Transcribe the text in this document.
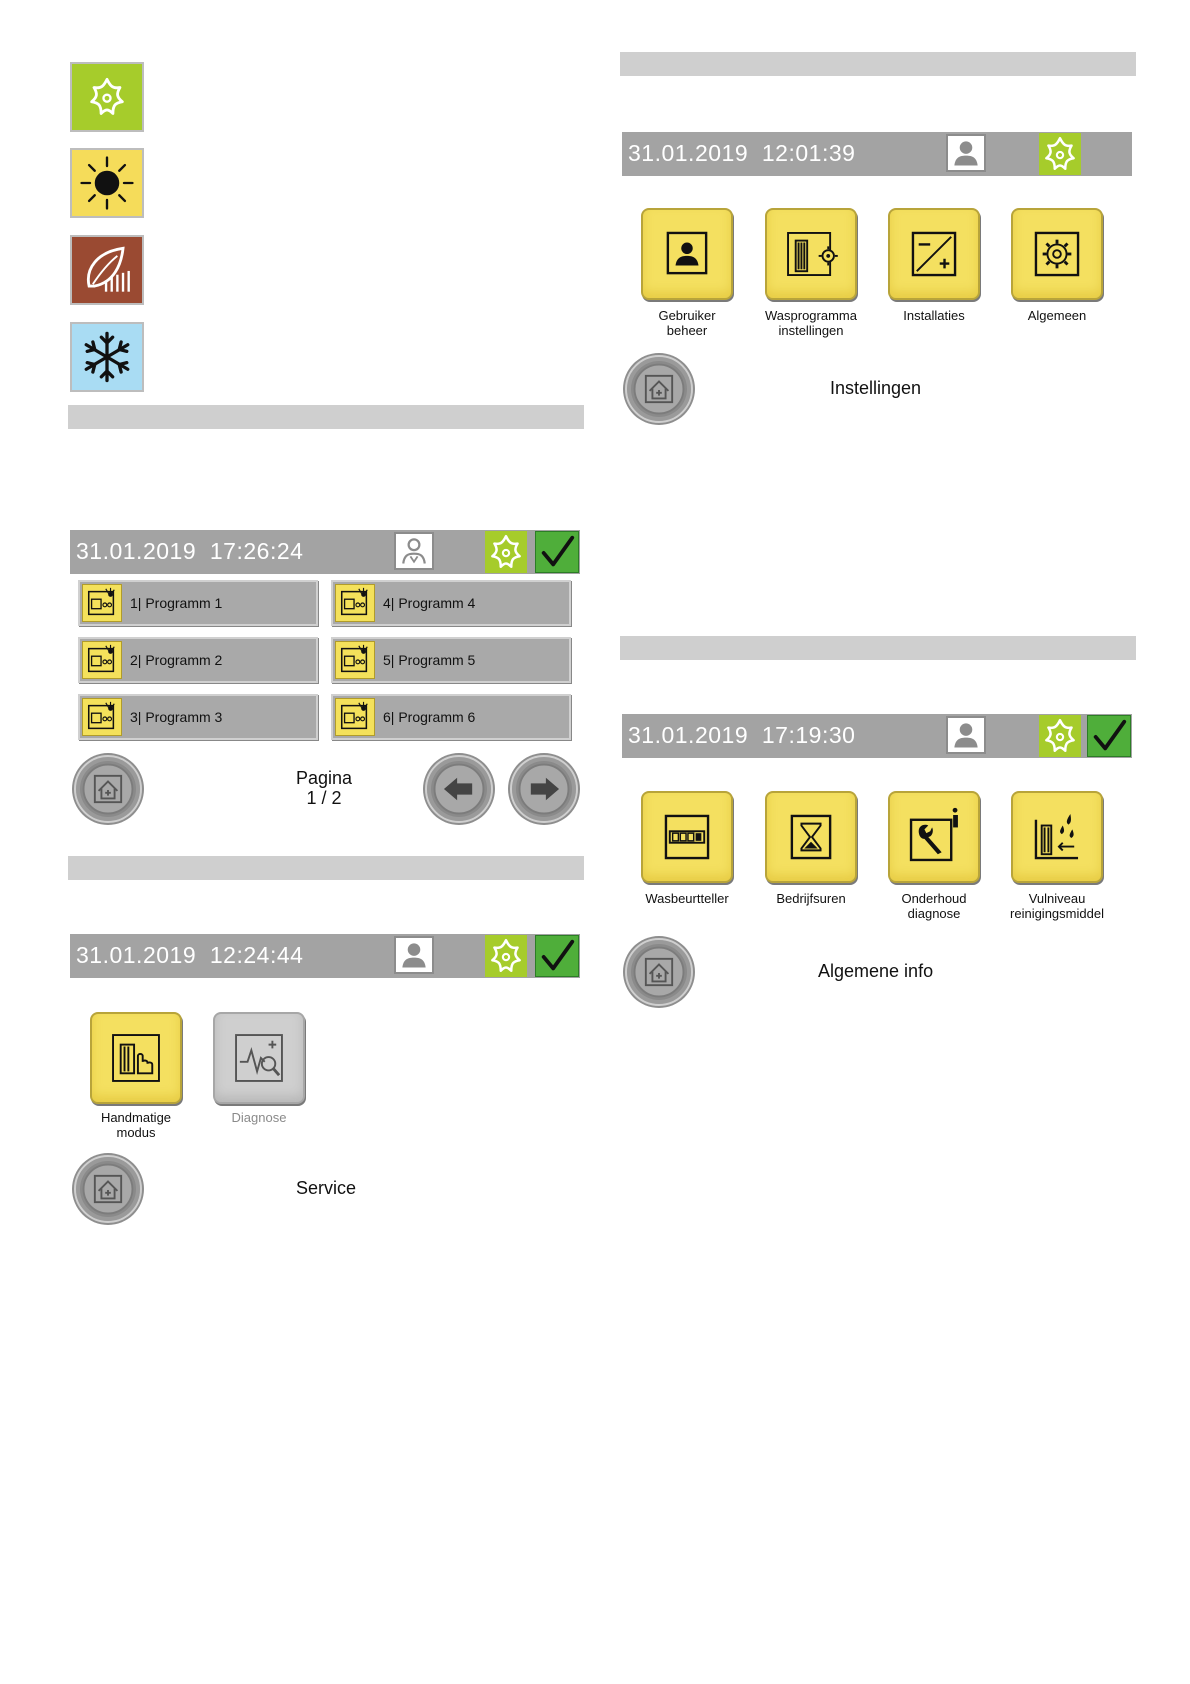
31.01.2019  17:26:24
1| Programm 1
2| Programm 2
3| Programm 3
4| Programm 4
5| Programm 5
6| Programm 6
Pagina
1 / 2
31.01.2019  12:24:44
Handmatige
modus
Diagnose
Service
31.01.2019  12:01:39
Gebruiker
beheer
Wasprogramma
instellingen
Installaties	Algemeen
Instellingen
31.01.2019  17:19:30
Wasbeurtteller	Bedrijfsuren	Onderhoud
diagnose
Vulniveau
reinigingsmiddel
Algemene info
